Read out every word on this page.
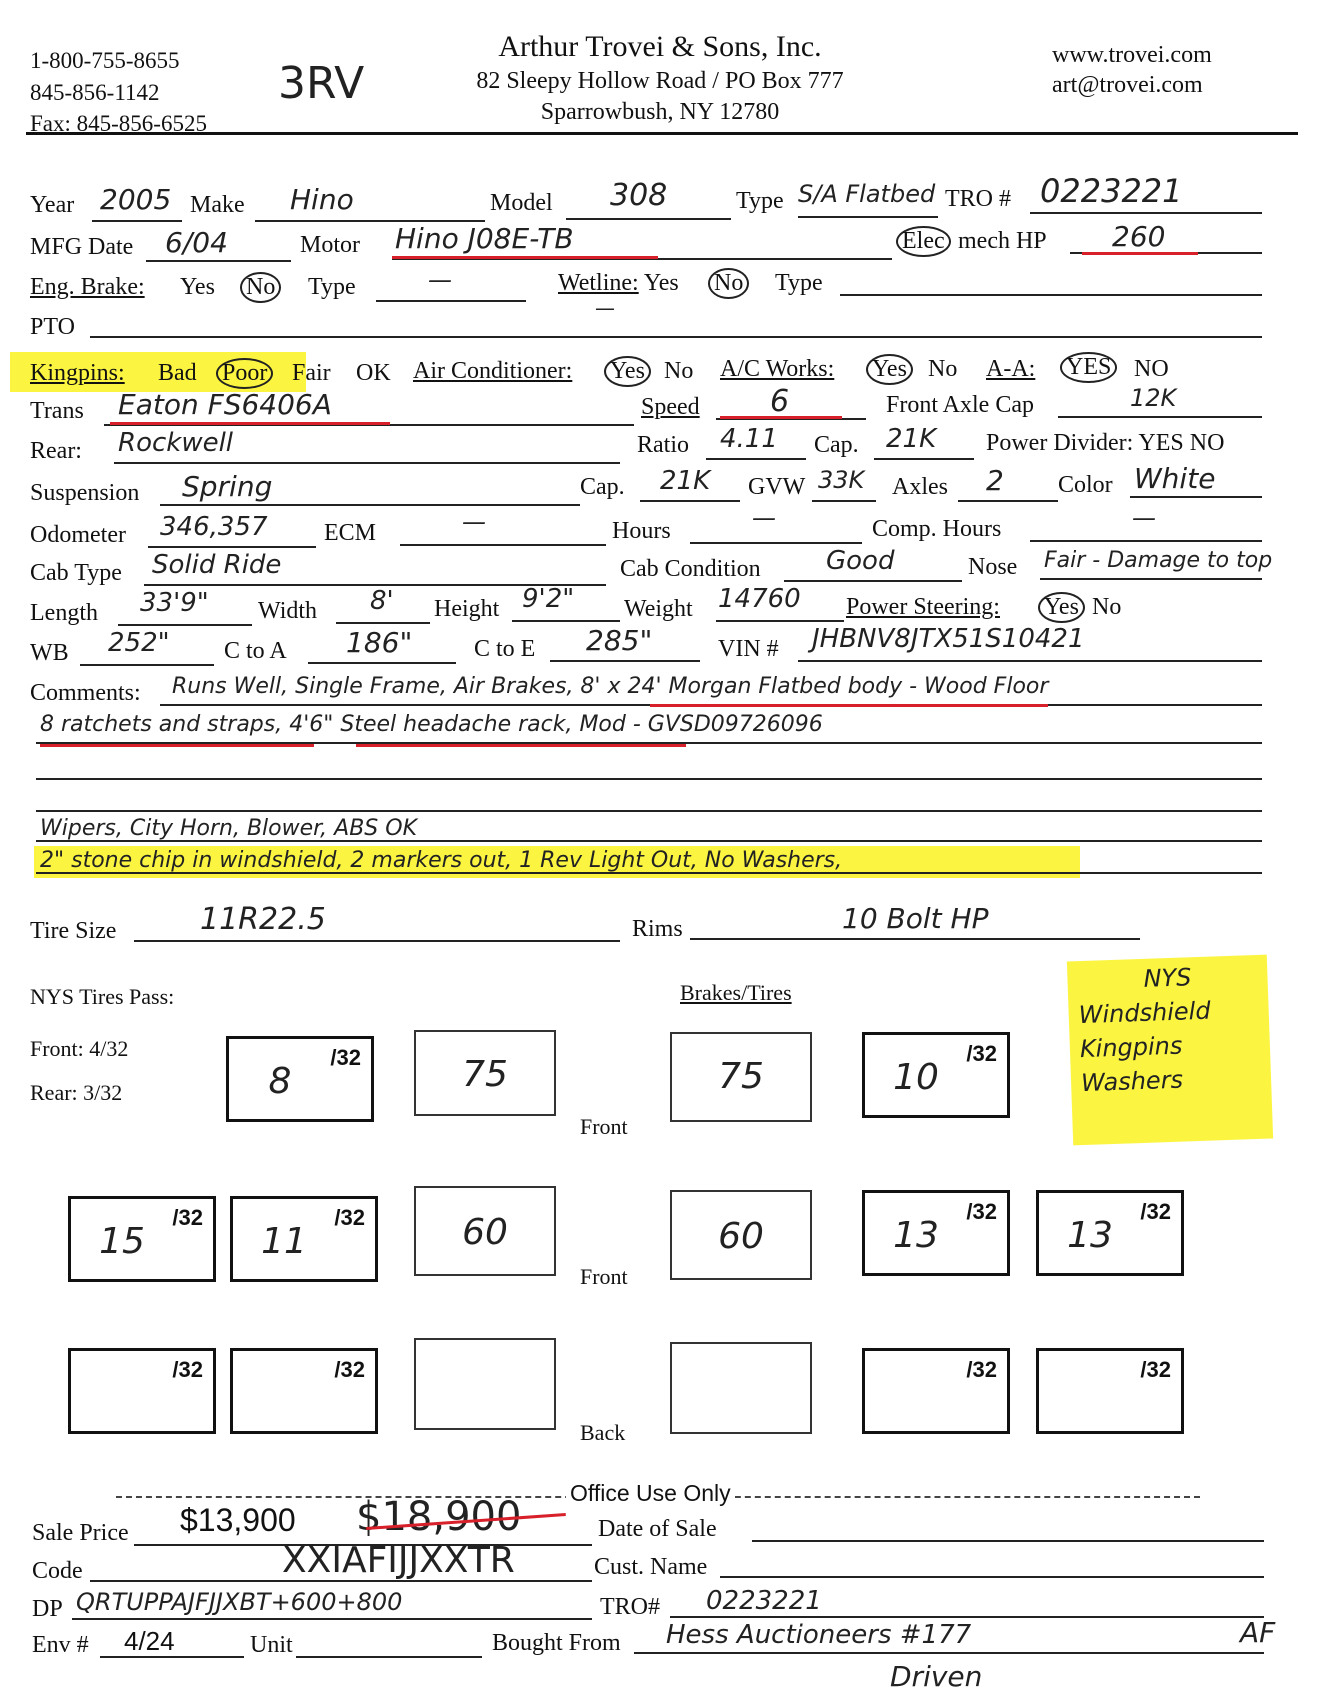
1-800-755-8655
845-856-1142
Fax: 845-856-6525
3RV
Arthur Trovei & Sons, Inc.
82 Sleepy Hollow Road / PO Box 777
Sparrowbush, NY 12780
www.trovei.com
art@trovei.com
Year 2005 Make Hino	Model 308	Type S/A Flatbed TRO # 0223221
MFG Date 6/04	Motor Hino J08E-TB	Elec mech HP 260
Eng. Brake: Yes No Type	—	Wetline: Yes No Type
—
PTO
Kingpins: Bad Poor Fair OK Air Conditioner: Yes No A/C Works: Yes No A-A: YES NO
Trans Eaton FS6406A	Speed 6	Front Axle Cap	12K
Rear: Rockwell	Ratio 4.11 Cap. 21K Power Divider: YES NO
Suspension Spring	Cap. 21K GVW 33K Axles 2 Color White
Odometer 346,357 ECM	—	Hours	—	Comp. Hours	—
Cab Type Solid Ride	Cab Condition	Good	Nose Fair - Damage to top
Length 33'9" Width 8' Height 9'2" Weight 14760 Power Steering: Yes No
WB 252" C to A 186"	C to E 285"	VIN # JHBNV8JTX51S10421
Comments: Runs Well, Single Frame, Air Brakes, 8' x 24' Morgan Flatbed body - Wood Floor
8 ratchets and straps, 4'6" Steel headache rack, Mod - GVSD09726096
Wipers, City Horn, Blower, ABS OK
2" stone chip in windshield, 2 markers out, 1 Rev Light Out, No Washers,
Tire Size	11R22.5	Rims	10 Bolt HP
NYS Tires Pass:	Brakes/Tires
Front: 4/32
Rear: 3/32
NYS
Windshield
Kingpins
Washers
/32
8	75
Front
75
/32
10
/32
15
/32
11	60
Front
60
/32
13
/32
13
/32	/32
Back
/32	/32
Office Use Only
Sale Price $13,900 $18,900	Date of Sale
Code	XXIAFIJJXXTR	Cust. Name
DP QRTUPPAJFJJXBT+600+800	TRO# 0223221
Env # 4/24	Unit	Bought From Hess Auctioneers #177	AF
Driven
